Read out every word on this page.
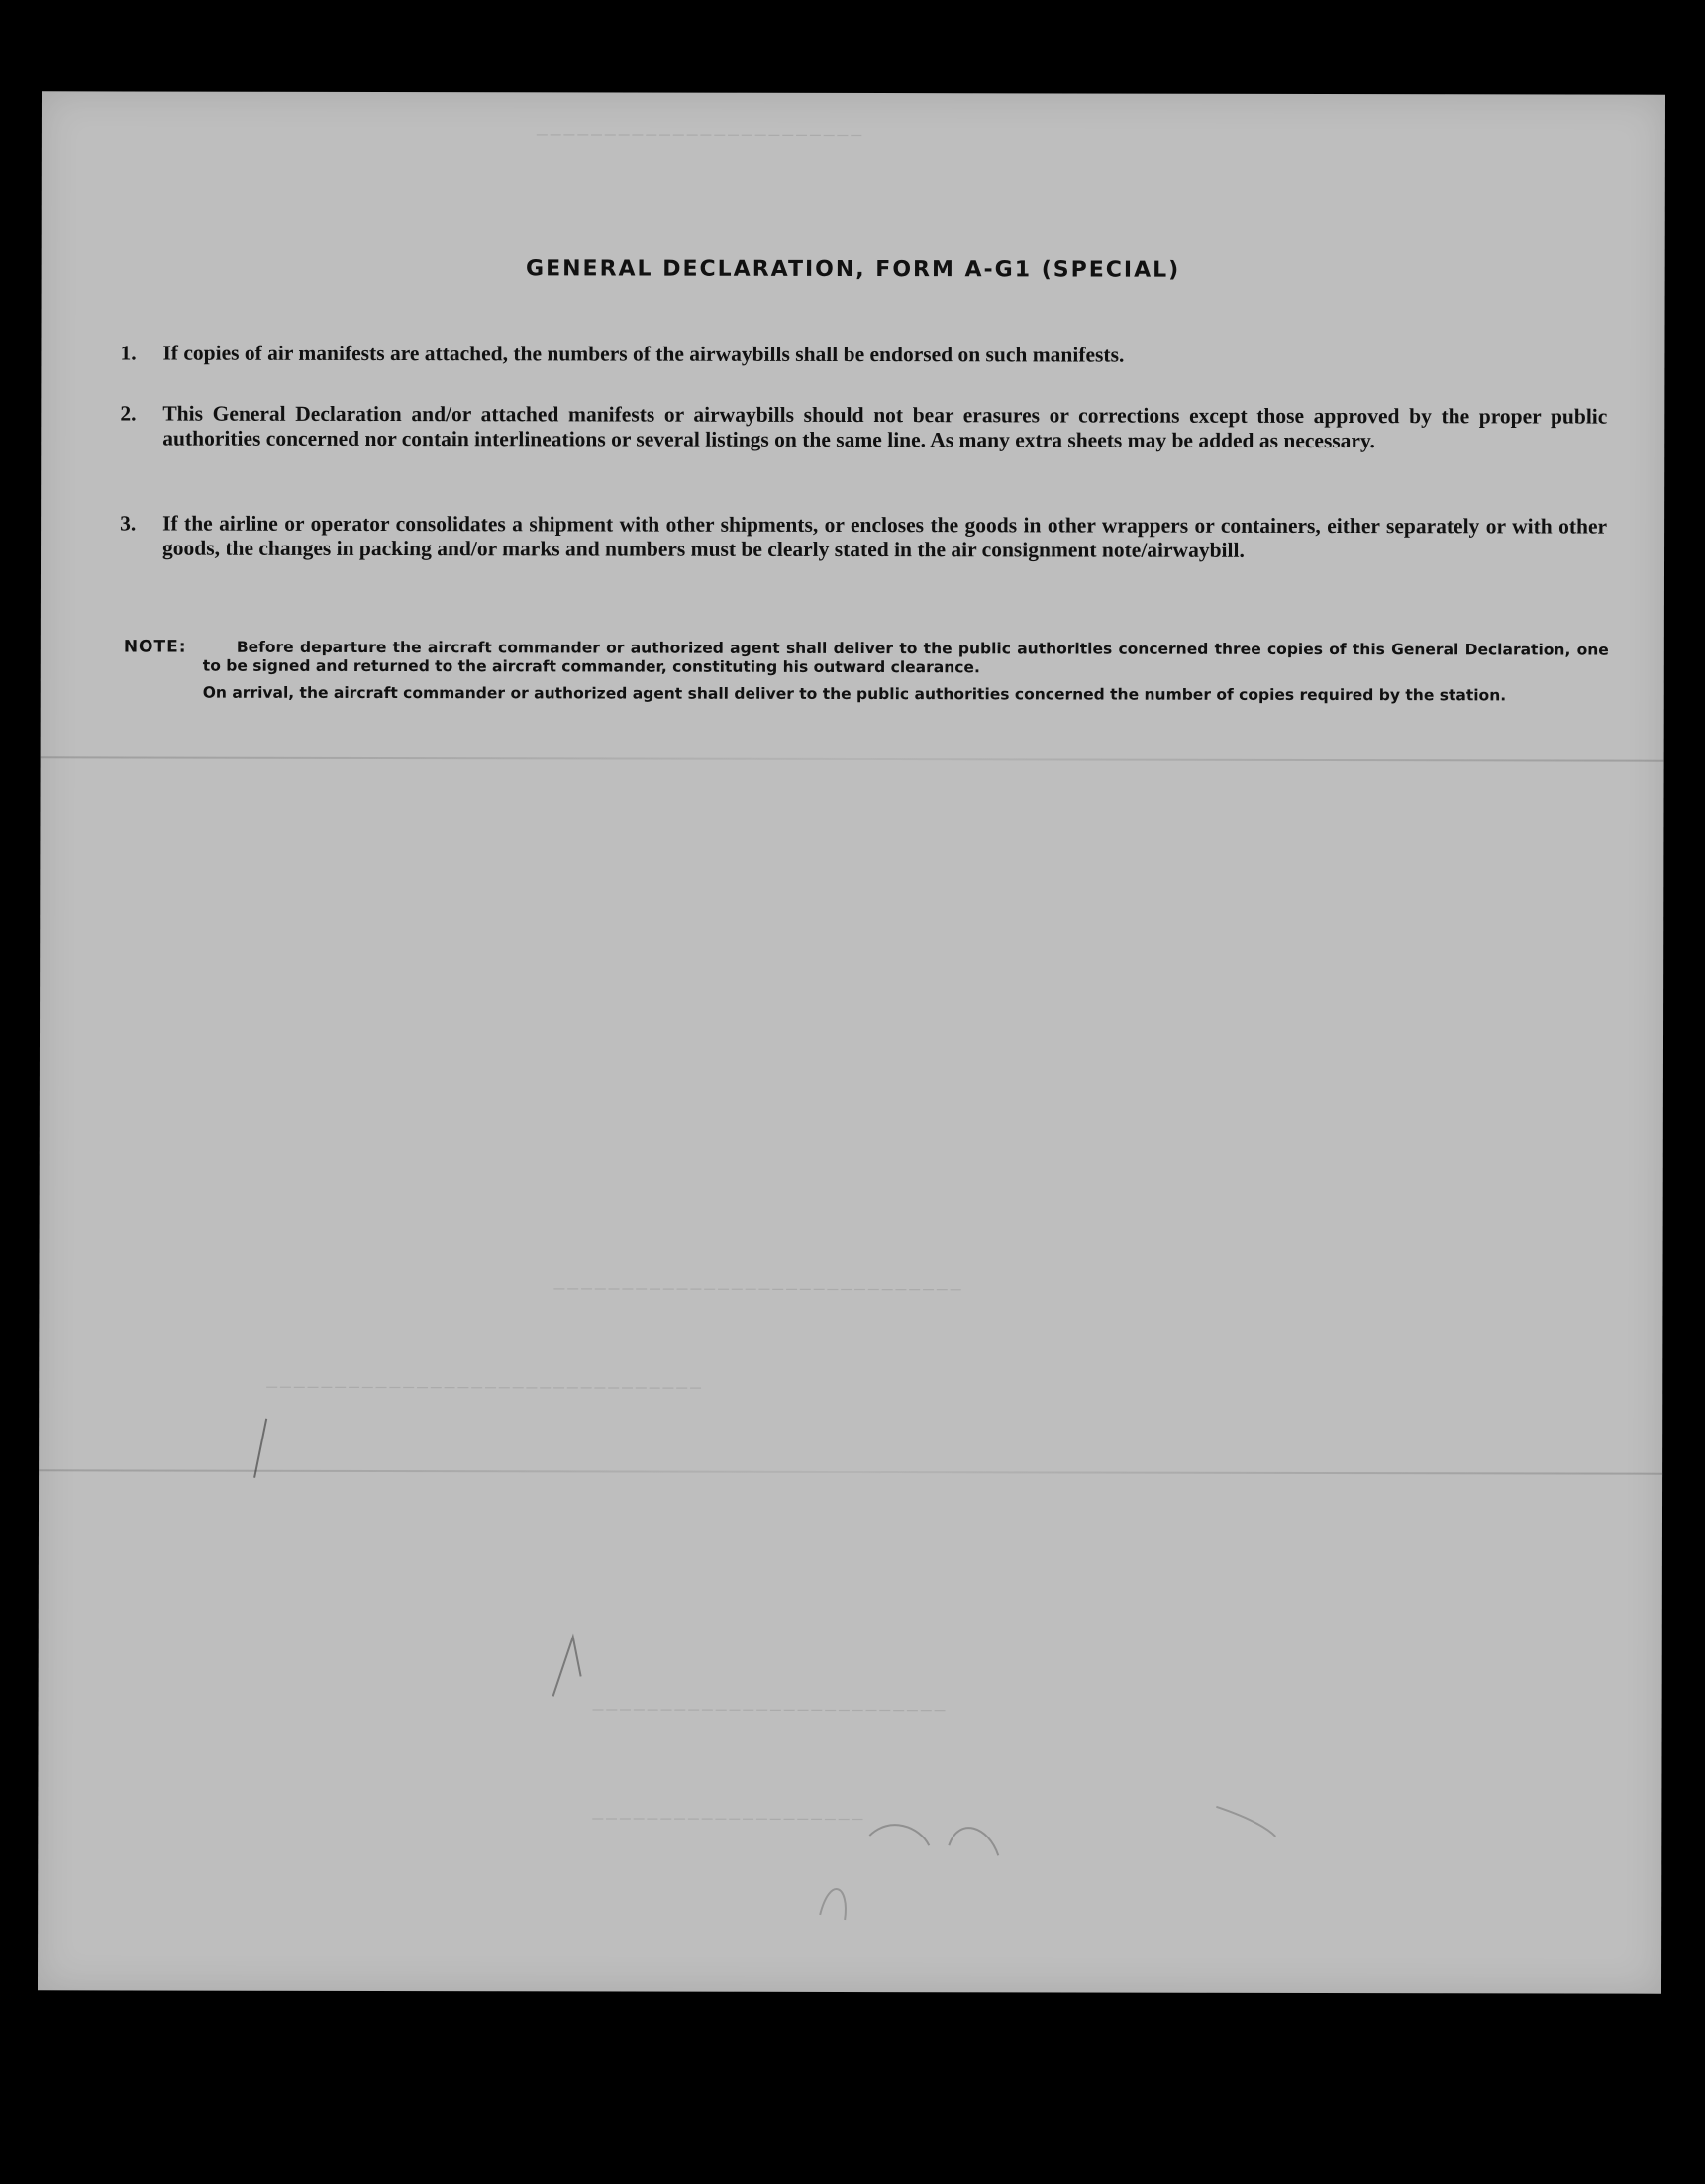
────────────────────────
──────────────────────────────
────────────────────────────────
──────────────────────────
────────────────────
GENERAL DECLARATION, FORM A-G1 (SPECIAL)
1.	If copies of air manifests are attached, the numbers of the airwaybills shall be endorsed on such manifests.
2.	This General Declaration and/or attached manifests or airwaybills should not bear erasures or corrections except those approved by the proper public authorities concerned nor contain interlineations or several listings on the same line. As many extra sheets may be added as necessary.
3.	If the airline or operator consolidates a shipment with other shipments, or encloses the goods in other wrappers or containers, either separately or with other goods, the changes in packing and/or marks and numbers must be clearly stated in the air consignment note/airwaybill.
NOTE:	Before departure the aircraft commander or authorized agent shall deliver to the public authorities concerned three copies of this General Declaration, one to be signed and returned to the aircraft commander, constituting his outward clearance.
On arrival, the aircraft commander or authorized agent shall deliver to the public authorities concerned the number of copies required by the station.
